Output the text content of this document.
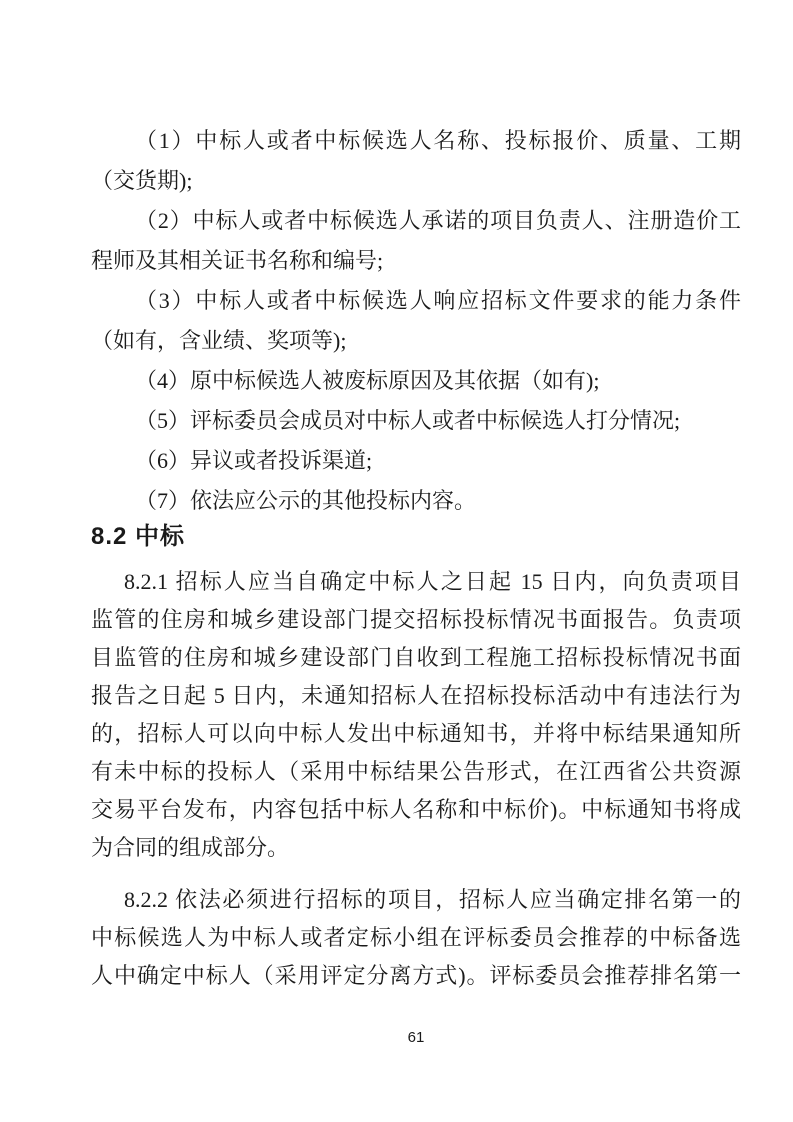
（1）中标人或者中标候选人名称、投标报价、质量、工期
（交货期);
（2）中标人或者中标候选人承诺的项目负责人、注册造价工
程师及其相关证书名称和编号;
（3）中标人或者中标候选人响应招标文件要求的能力条件
（如有，含业绩、奖项等);
（4）原中标候选人被废标原因及其依据（如有);
（5）评标委员会成员对中标人或者中标候选人打分情况;
（6）异议或者投诉渠道;
（7）依法应公示的其他投标内容。
8.2 中标
8.2.1 招标人应当自确定中标人之日起 15 日内，向负责项目
监管的住房和城乡建设部门提交招标投标情况书面报告。负责项
目监管的住房和城乡建设部门自收到工程施工招标投标情况书面
报告之日起 5 日内，未通知招标人在招标投标活动中有违法行为
的，招标人可以向中标人发出中标通知书，并将中标结果通知所
有未中标的投标人（采用中标结果公告形式，在江西省公共资源
交易平台发布，内容包括中标人名称和中标价)。中标通知书将成
为合同的组成部分。
8.2.2 依法必须进行招标的项目，招标人应当确定排名第一的
中标候选人为中标人或者定标小组在评标委员会推荐的中标备选
人中确定中标人（采用评定分离方式)。评标委员会推荐排名第一
61
